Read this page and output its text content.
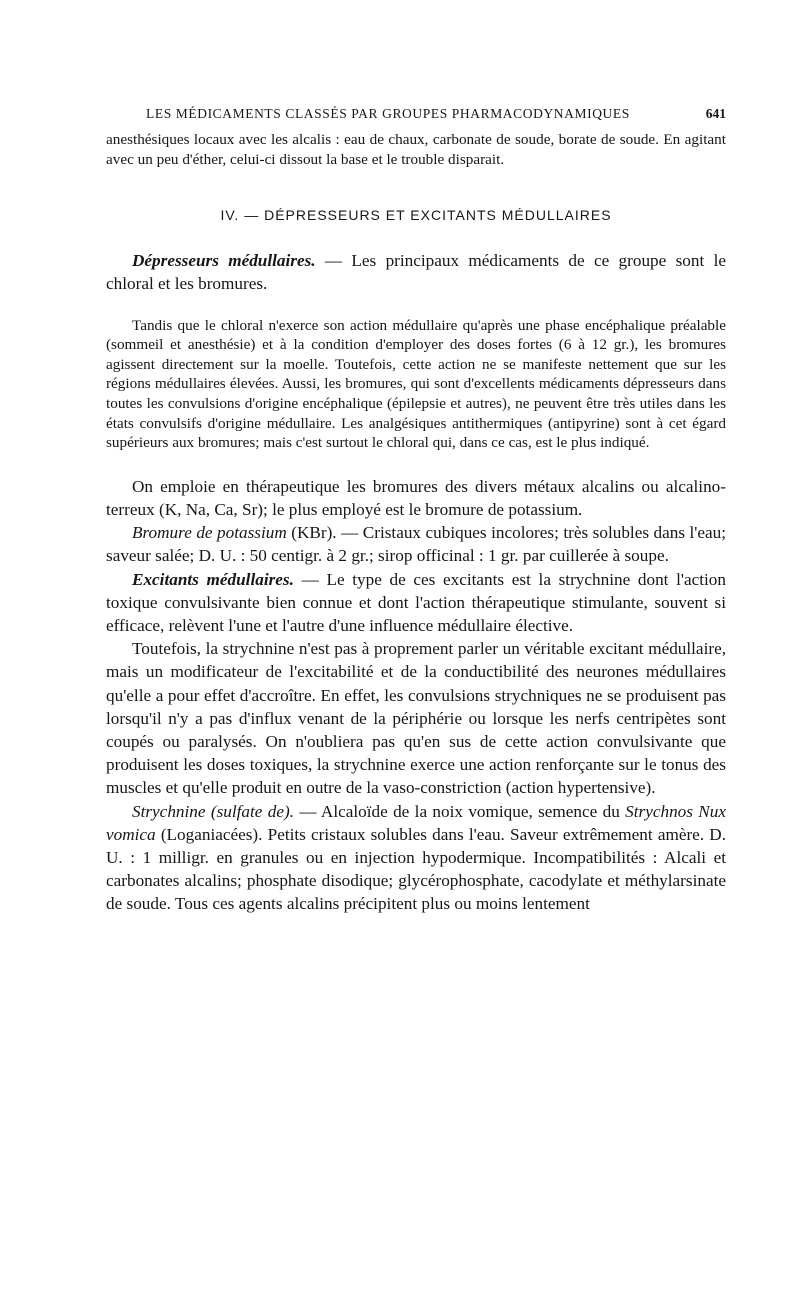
LES MÉDICAMENTS CLASSÉS PAR GROUPES PHARMACODYNAMIQUES	641

anesthésiques locaux avec les alcalis : eau de chaux, carbonate de soude, borate de soude. En agitant avec un peu d'éther, celui-ci dissout la base et le trouble disparait.

IV. — DÉPRESSEURS ET EXCITANTS MÉDULLAIRES

Dépresseurs médullaires. — Les principaux médicaments de ce groupe sont le chloral et les bromures.

Tandis que le chloral n'exerce son action médullaire qu'après une phase encéphalique préalable (sommeil et anesthésie) et à la condition d'employer des doses fortes (6 à 12 gr.), les bromures agissent directement sur la moelle. Toutefois, cette action ne se manifeste nettement que sur les régions médullaires élevées. Aussi, les bromures, qui sont d'excellents médicaments dépresseurs dans toutes les convulsions d'origine encéphalique (épilepsie et autres), ne peuvent être très utiles dans les états convulsifs d'origine médullaire. Les analgésiques antithermiques (antipyrine) sont à cet égard supérieurs aux bromures; mais c'est surtout le chloral qui, dans ce cas, est le plus indiqué.

On emploie en thérapeutique les bromures des divers métaux alcalins ou alcalino-terreux (K, Na, Ca, Sr); le plus employé est le bromure de potassium.

Bromure de potassium (KBr). — Cristaux cubiques incolores; très solubles dans l'eau; saveur salée; D. U. : 50 centigr. à 2 gr.; sirop officinal : 1 gr. par cuillerée à soupe.

Excitants médullaires. — Le type de ces excitants est la strychnine dont l'action toxique convulsivante bien connue et dont l'action thérapeutique stimulante, souvent si efficace, relèvent l'une et l'autre d'une influence médullaire élective.

Toutefois, la strychnine n'est pas à proprement parler un véritable excitant médullaire, mais un modificateur de l'excitabilité et de la conductibilité des neurones médullaires qu'elle a pour effet d'accroître. En effet, les convulsions strychniques ne se produisent pas lorsqu'il n'y a pas d'influx venant de la périphérie ou lorsque les nerfs centripètes sont coupés ou paralysés. On n'oubliera pas qu'en sus de cette action convulsivante que produisent les doses toxiques, la strychnine exerce une action renforçante sur le tonus des muscles et qu'elle produit en outre de la vaso-constriction (action hypertensive).

Strychnine (sulfate de). — Alcaloïde de la noix vomique, semence du Strychnos Nux vomica (Loganiacées). Petits cristaux solubles dans l'eau. Saveur extrêmement amère. D. U. : 1 milligr. en granules ou en injection hypodermique. Incompatibilités : Alcali et carbonates alcalins; phosphate disodique; glycérophosphate, cacodylate et méthylarsinate de soude. Tous ces agents alcalins précipitent plus ou moins lentement
